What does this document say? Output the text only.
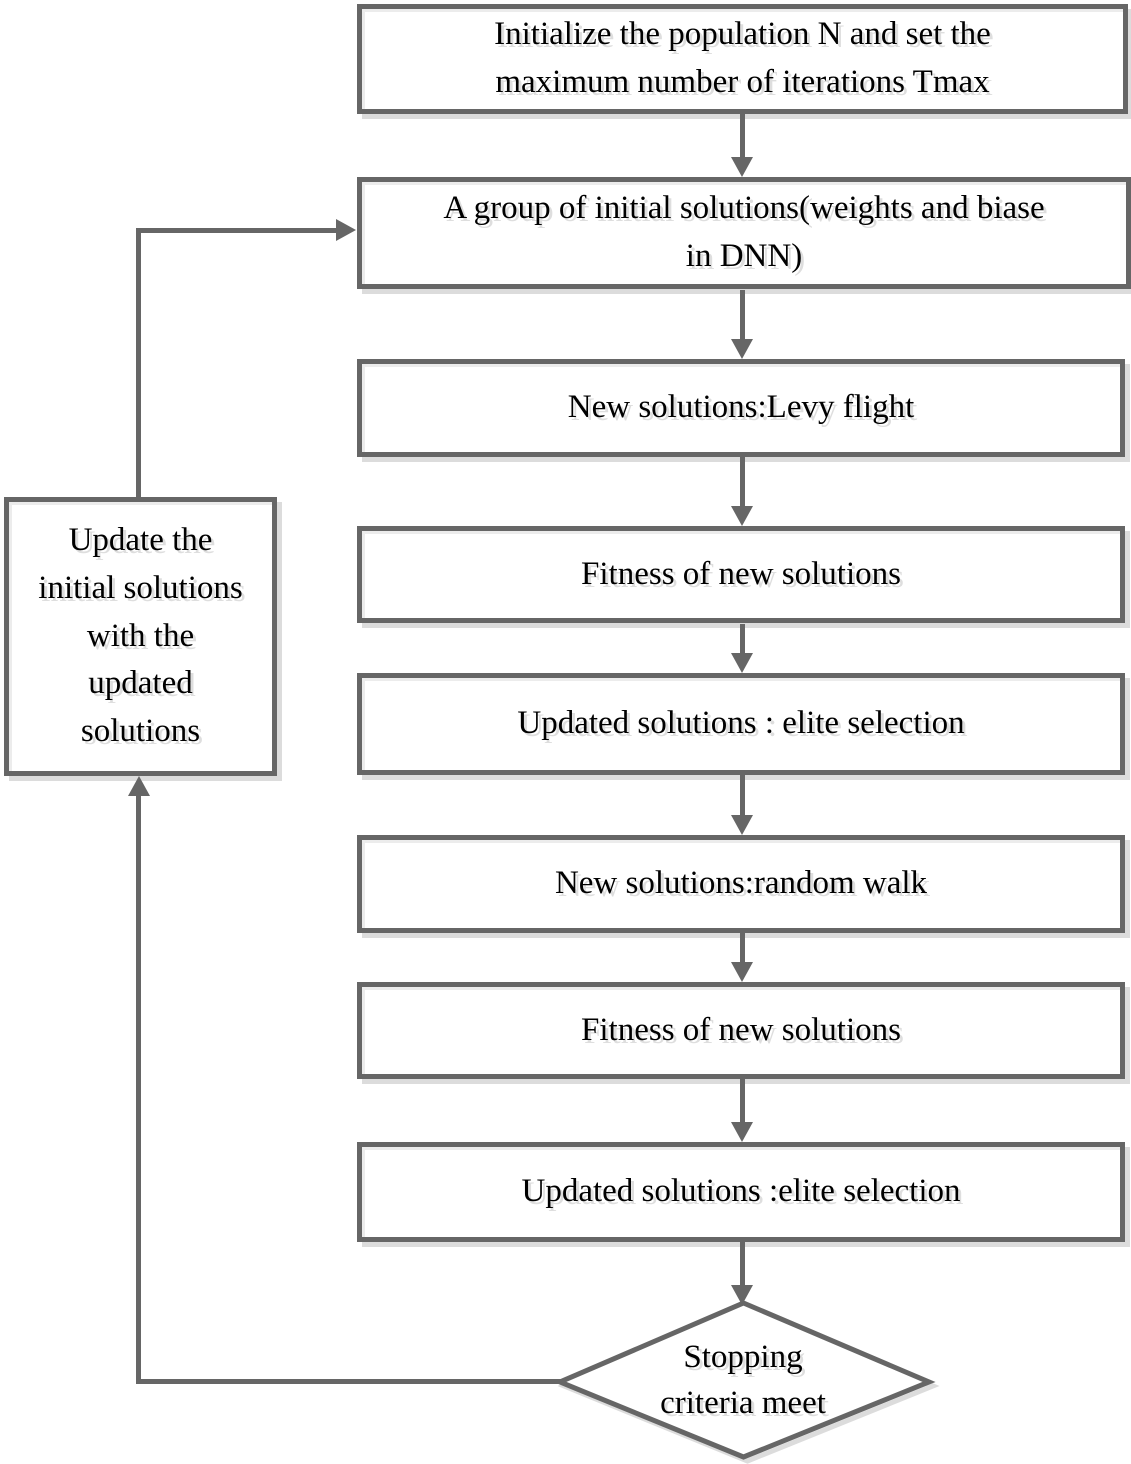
Initialize the population N and set the
maximum number of iterations Tmax
A group of initial solutions(weights and biase
in DNN)
New solutions:Levy flight
Fitness of new solutions
Updated solutions : elite selection
New solutions:random walk
Fitness of new solutions
Updated solutions :elite selection
Update the
initial solutions
with the
updated
solutions
Stopping
criteria meet
